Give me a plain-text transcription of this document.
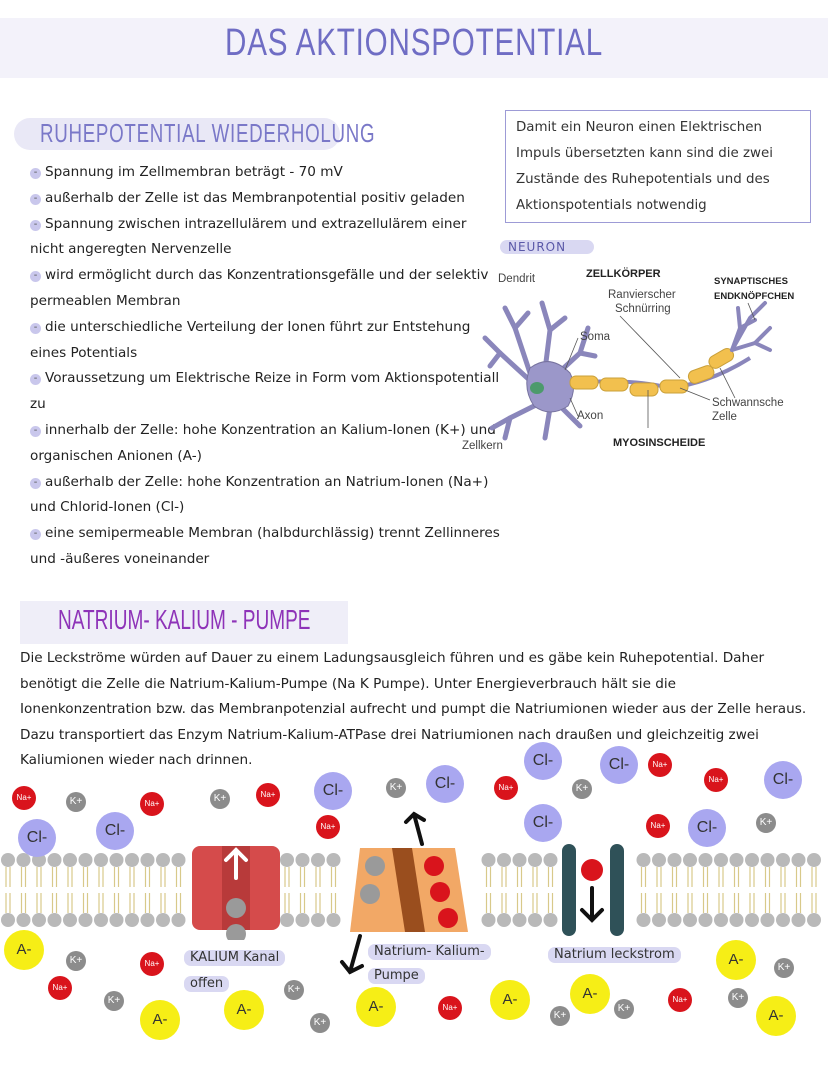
DAS AKTIONSPOTENTIAL
RUHEPOTENTIAL WIEDERHOLUNG	Damit ein Neuron einen Elektrischen Impuls übersetzten kann sind die zwei Zustände des Ruhepotentials und des Aktionspotentials notwendig

- Spannung im Zellmembran beträgt - 70 mV

- außerhalb der Zelle ist das Membranpotential positiv geladen

- Spannung zwischen intrazellulärem und extrazellulärem einer nicht angeregten Nervenzelle

- wird ermöglicht durch das Konzentrationsgefälle und der selektiv permeablen Membran

- die unterschiedliche Verteilung der Ionen führt zur Entstehung eines Potentials

- Voraussetzung um Elektrische Reize in Form vom Aktionspotentiall zu

- innerhalb der Zelle: hohe Konzentration an Kalium-Ionen (K+) und organischen Anionen (A-)

- außerhalb der Zelle: hohe Konzentration an Natrium-Ionen (Na+) und Chlorid-Ionen (Cl-)

- eine semipermeable Membran (halbdurchlässig) trennt Zellinneres und -äußeres voneinander

NEURON
Dendrit	ZELLKÖRPER
Ranvierscher
Schnürring
SYNAPTISCHES
ENDKNÖPFCHEN
Soma
Axon
Schwannsche
Zelle
Zellkern	MYOSINSCHEIDE
NATRIUM- KALIUM - PUMPE
Die Leckströme würden auf Dauer zu einem Ladungsausgleich führen und es gäbe kein Ruhepotential. Daher benötigt die Zelle die Natrium-Kalium-Pumpe (Na K Pumpe). Unter Energieverbrauch hält sie die Ionenkonzentration bzw. das Membranpotenzial aufrecht und pumpt die Natriumionen wieder aus der Zelle heraus. Dazu transportiert das Enzym Natrium-Kalium-ATPase drei Natriumionen nach draußen und gleichzeitig zwei Kaliumionen wieder nach drinnen.
KALIUM Kanal
offen
Natrium- Kalium-
Pumpe
Natrium leckstrom
Na+	K+	Na+	K+	Na+	Cl-	K+	Cl-	Na+
Cl-
K+
Cl-	Na+
Na+	Cl-
Na+
Cl-	Cl-	Cl-	Na+	Cl-	K+
A-
K+	Na+
Na+
K+
A-
A-
K+
K+
A-	Na+	A-
K+
A-
K+
Na+
A-
K+
K+
A-
